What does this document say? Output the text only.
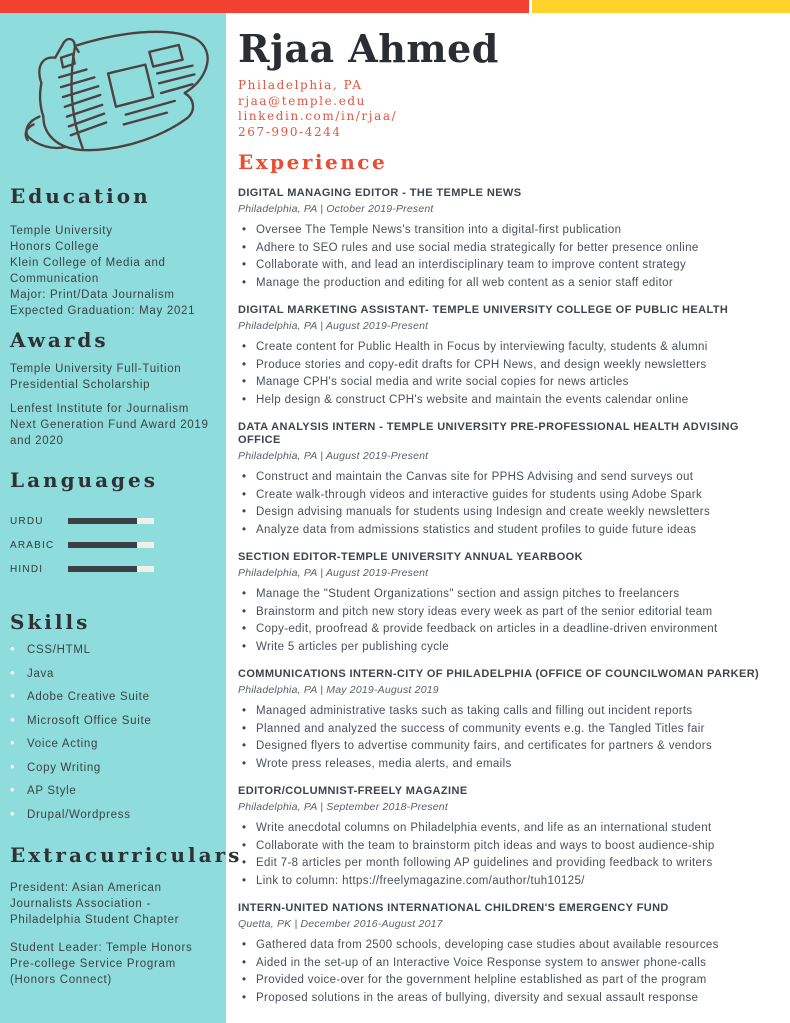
Education
Temple University
Honors College
Klein College of Media and Communication
Major: Print/Data Journalism
Expected Graduation: May 2021
Awards

Temple University Full-Tuition Presidential Scholarship

Lenfest Institute for Journalism Next Generation Fund Award 2019 and 2020

Languages
URDU
ARABIC
HINDI
Skills
• CSS/HTML
• Java
• Adobe Creative Suite
• Microsoft Office Suite
• Voice Acting
• Copy Writing
• AP Style
• Drupal/Wordpress
Extracurriculars

President: Asian American Journalists Association - Philadelphia Student Chapter

Student Leader: Temple Honors Pre-college Service Program (Honors Connect)

Rjaa Ahmed
Philadelphia, PA
rjaa@temple.edu
linkedin.com/in/rjaa/
267-990-4244
Experience
DIGITAL MANAGING EDITOR - THE TEMPLE NEWS
Philadelphia, PA | October 2019-Present
• Oversee The Temple News's transition into a digital-first publication
• Adhere to SEO rules and use social media strategically for better presence online
• Collaborate with, and lead an interdisciplinary team to improve content strategy
• Manage the production and editing for all web content as a senior staff editor
DIGITAL MARKETING ASSISTANT- TEMPLE UNIVERSITY COLLEGE OF PUBLIC HEALTH
Philadelphia, PA | August 2019-Present
• Create content for Public Health in Focus by interviewing faculty, students & alumni
• Produce stories and copy-edit drafts for CPH News, and design weekly newsletters
• Manage CPH's social media and write social copies for news articles
• Help design & construct CPH's website and maintain the events calendar online
DATA ANALYSIS INTERN - TEMPLE UNIVERSITY PRE-PROFESSIONAL HEALTH ADVISING OFFICE
Philadelphia, PA | August 2019-Present
• Construct and maintain the Canvas site for PPHS Advising and send surveys out
• Create walk-through videos and interactive guides for students using Adobe Spark
• Design advising manuals for students using Indesign and create weekly newsletters
• Analyze data from admissions statistics and student profiles to guide future ideas
SECTION EDITOR-TEMPLE UNIVERSITY ANNUAL YEARBOOK
Philadelphia, PA | August 2019-Present
• Manage the "Student Organizations" section and assign pitches to freelancers
• Brainstorm and pitch new story ideas every week as part of the senior editorial team
• Copy-edit, proofread & provide feedback on articles in a deadline-driven environment
• Write 5 articles per publishing cycle
COMMUNICATIONS INTERN-CITY OF PHILADELPHIA (OFFICE OF COUNCILWOMAN PARKER)
Philadelphia, PA | May 2019-August 2019
• Managed administrative tasks such as taking calls and filling out incident reports
• Planned and analyzed the success of community events e.g. the Tangled Titles fair
• Designed flyers to advertise community fairs, and certificates for partners & vendors
• Wrote press releases, media alerts, and emails
EDITOR/COLUMNIST-FREELY MAGAZINE
Philadelphia, PA | September 2018-Present
• Write anecdotal columns on Philadelphia events, and life as an international student
• Collaborate with the team to brainstorm pitch ideas and ways to boost audience-ship
• Edit 7-8 articles per month following AP guidelines and providing feedback to writers
• Link to column: https://freelymagazine.com/author/tuh10125/
INTERN-UNITED NATIONS INTERNATIONAL CHILDREN'S EMERGENCY FUND
Quetta, PK | December 2016-August 2017
• Gathered data from 2500 schools, developing case studies about available resources
• Aided in the set-up of an Interactive Voice Response system to answer phone-calls
• Provided voice-over for the government helpline established as part of the program
• Proposed solutions in the areas of bullying, diversity and sexual assault response
